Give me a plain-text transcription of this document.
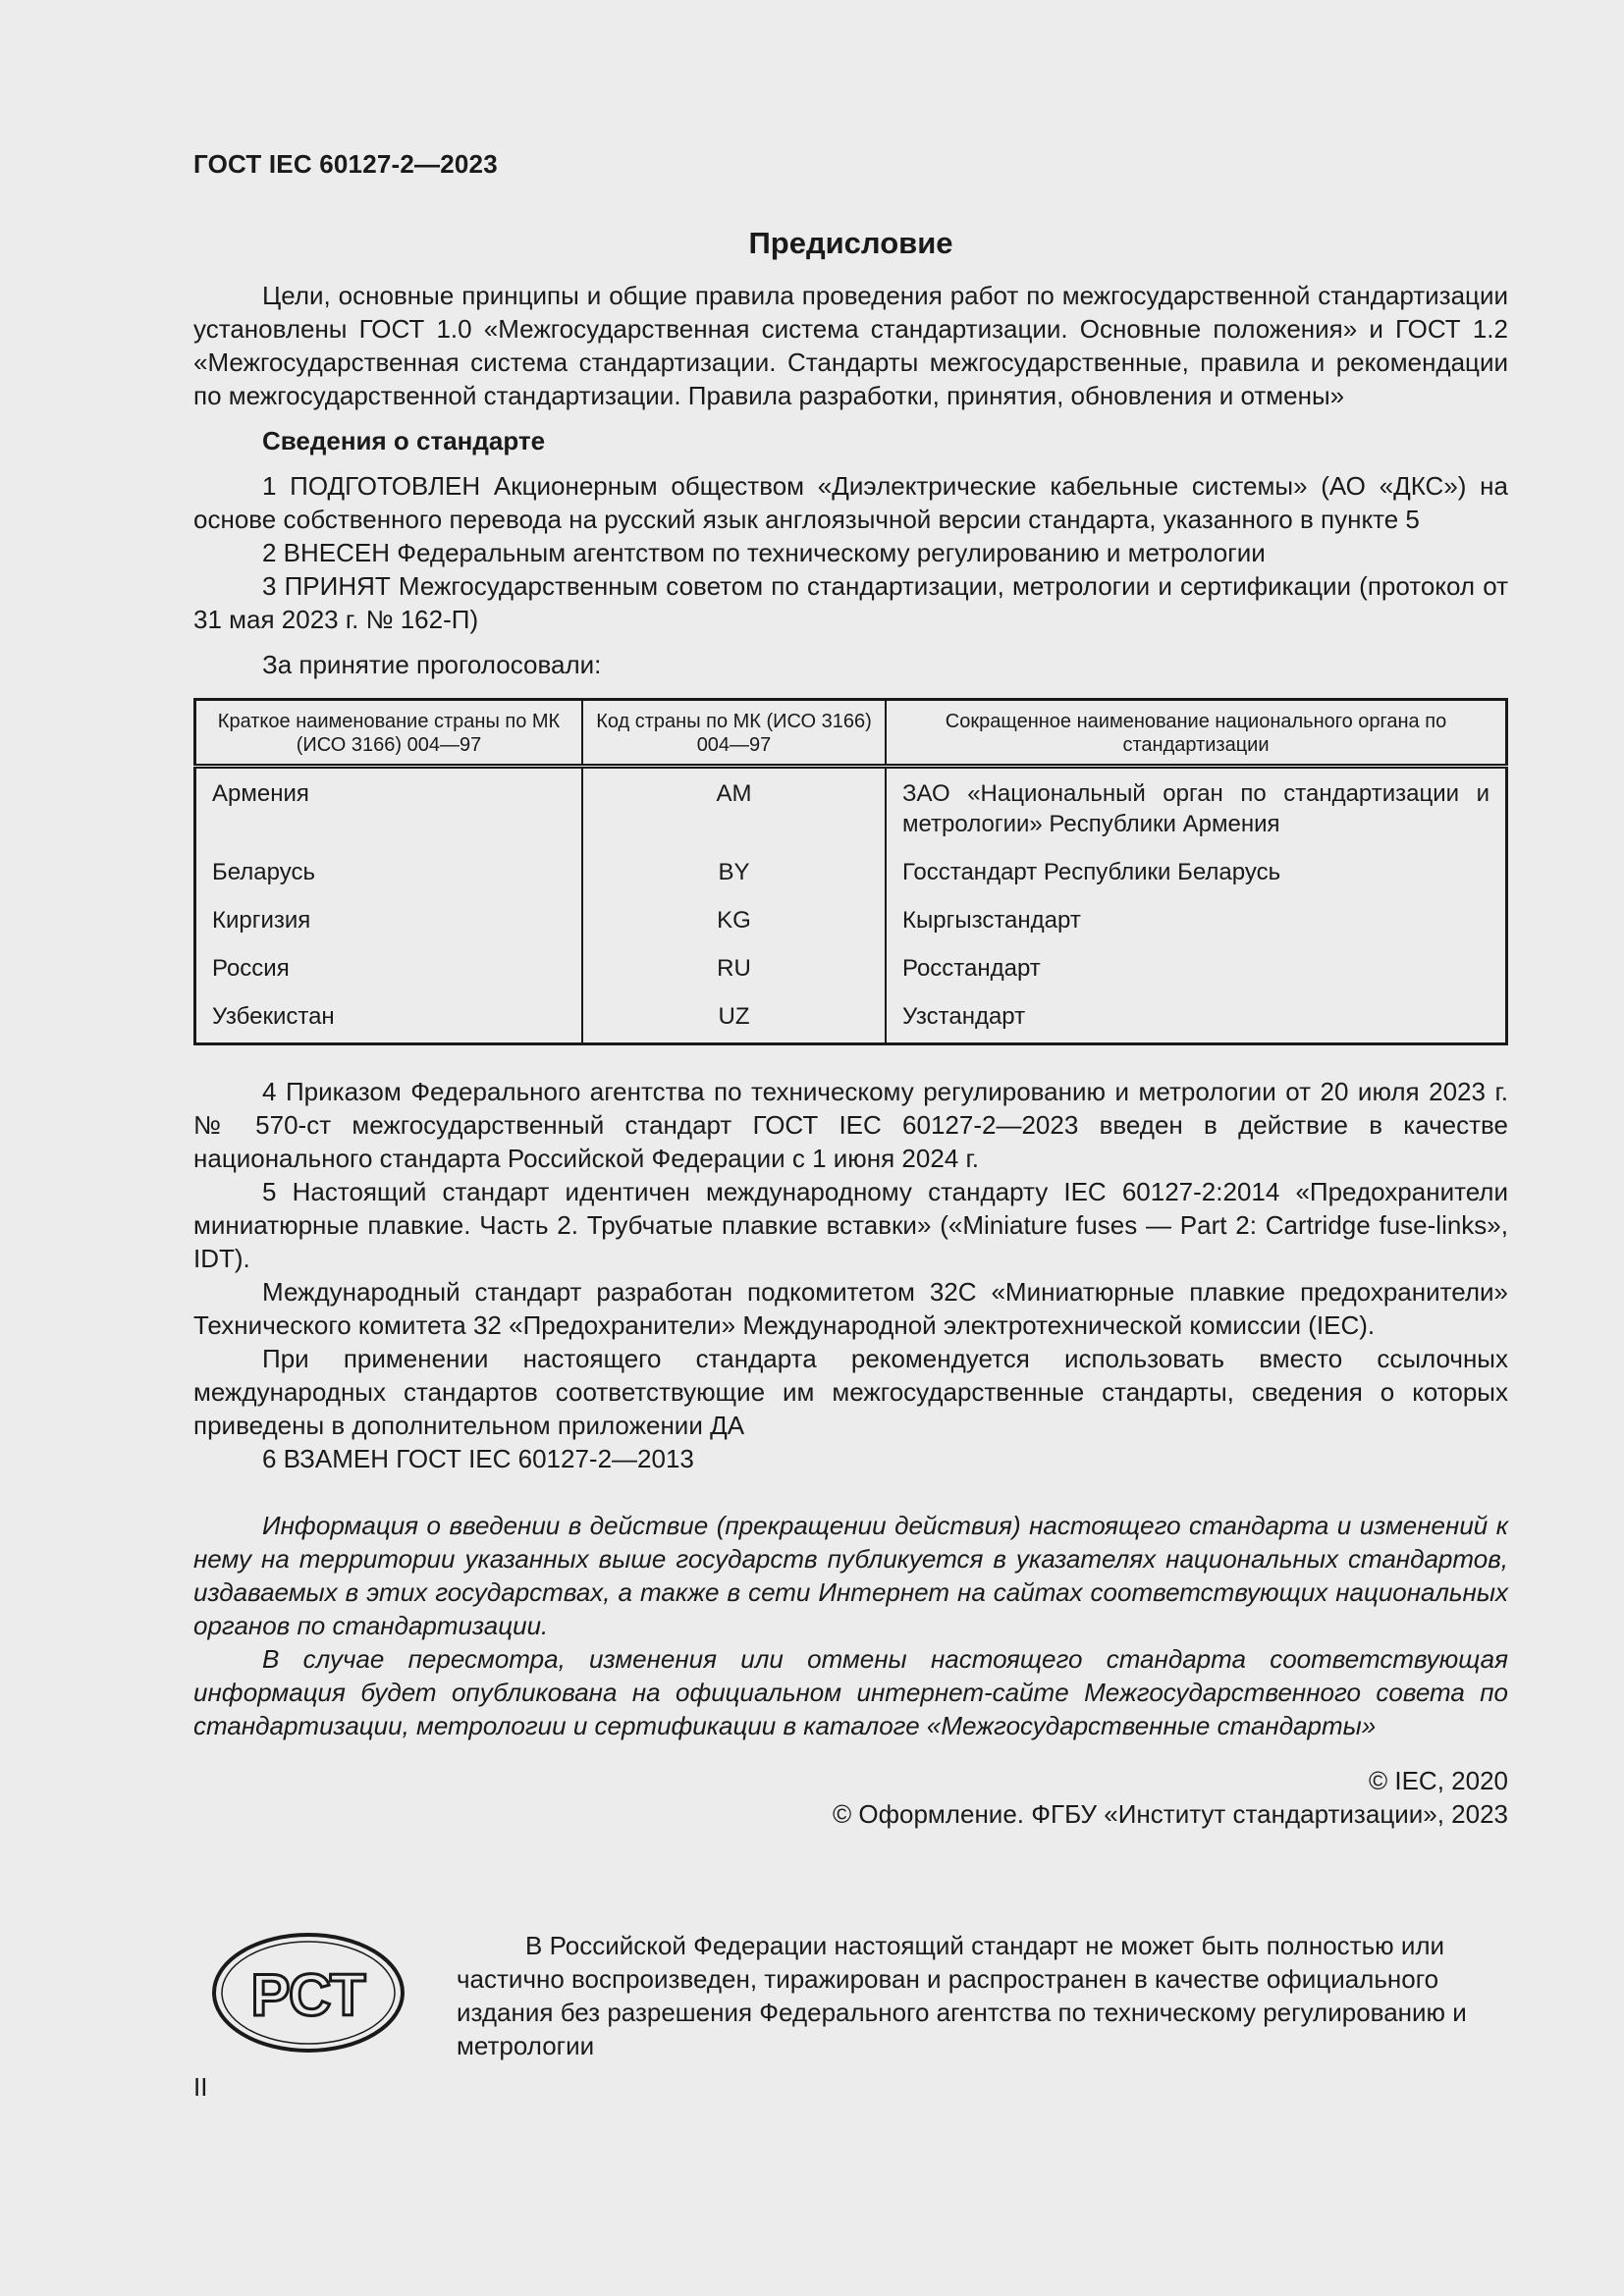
ГОСТ IEC 60127-2—2023
Предисловие

Цели, основные принципы и общие правила проведения работ по межгосударственной стандартизации установлены ГОСТ 1.0 «Межгосударственная система стандартизации. Основные положения» и ГОСТ 1.2 «Межгосударственная система стандартизации. Стандарты межгосударственные, правила и рекомендации по межгосударственной стандартизации. Правила разработки, принятия, обновления и отмены»

Сведения о стандарте

1 ПОДГОТОВЛЕН Акционерным обществом «Диэлектрические кабельные системы» (АО «ДКС») на основе собственного перевода на русский язык англоязычной версии стандарта, указанного в пункте 5

2 ВНЕСЕН Федеральным агентством по техническому регулированию и метрологии

3 ПРИНЯТ Межгосударственным советом по стандартизации, метрологии и сертификации (протокол от 31 мая 2023 г. № 162-П)

За принятие проголосовали:

Краткое наименование страны по МК (ИСО 3166) 004—97	Код страны по МК (ИСО 3166) 004—97	Сокращенное наименование национального органа по стандартизации
Армения	AM	ЗАО «Национальный орган по стандартизации и метрологии» Республики Армения
Беларусь	BY	Госстандарт Республики Беларусь
Киргизия	KG	Кыргызстандарт
Россия	RU	Росстандарт
Узбекистан	UZ	Узстандарт

4 Приказом Федерального агентства по техническому регулированию и метрологии от 20 июля 2023 г. № 570-ст межгосударственный стандарт ГОСТ IEC 60127-2—2023 введен в действие в качестве национального стандарта Российской Федерации с 1 июня 2024 г.

5 Настоящий стандарт идентичен международному стандарту IEC 60127-2:2014 «Предохранители миниатюрные плавкие. Часть 2. Трубчатые плавкие вставки» («Miniature fuses — Part 2: Cartridge fuse-links», IDT).

Международный стандарт разработан подкомитетом 32С «Миниатюрные плавкие предохранители» Технического комитета 32 «Предохранители» Международной электротехнической комиссии (IEC).

При применении настоящего стандарта рекомендуется использовать вместо ссылочных международных стандартов соответствующие им межгосударственные стандарты, сведения о которых приведены в дополнительном приложении ДА

6 ВЗАМЕН ГОСТ IEC 60127-2—2013

Информация о введении в действие (прекращении действия) настоящего стандарта и изменений к нему на территории указанных выше государств публикуется в указателях национальных стандартов, издаваемых в этих государствах, а также в сети Интернет на сайтах соответствующих национальных органов по стандартизации.

В случае пересмотра, изменения или отмены настоящего стандарта соответствующая информация будет опубликована на официальном интернет-сайте Межгосударственного совета по стандартизации, метрологии и сертификации в каталоге «Межгосударственные стандарты»

© IEC, 2020

© Оформление. ФГБУ «Институт стандартизации», 2023

РСТ
В Российской Федерации настоящий стандарт не может быть полностью или частично воспроизведен, тиражирован и распространен в качестве официального издания без разрешения Федерального агентства по техническому регулированию и метрологии
II
